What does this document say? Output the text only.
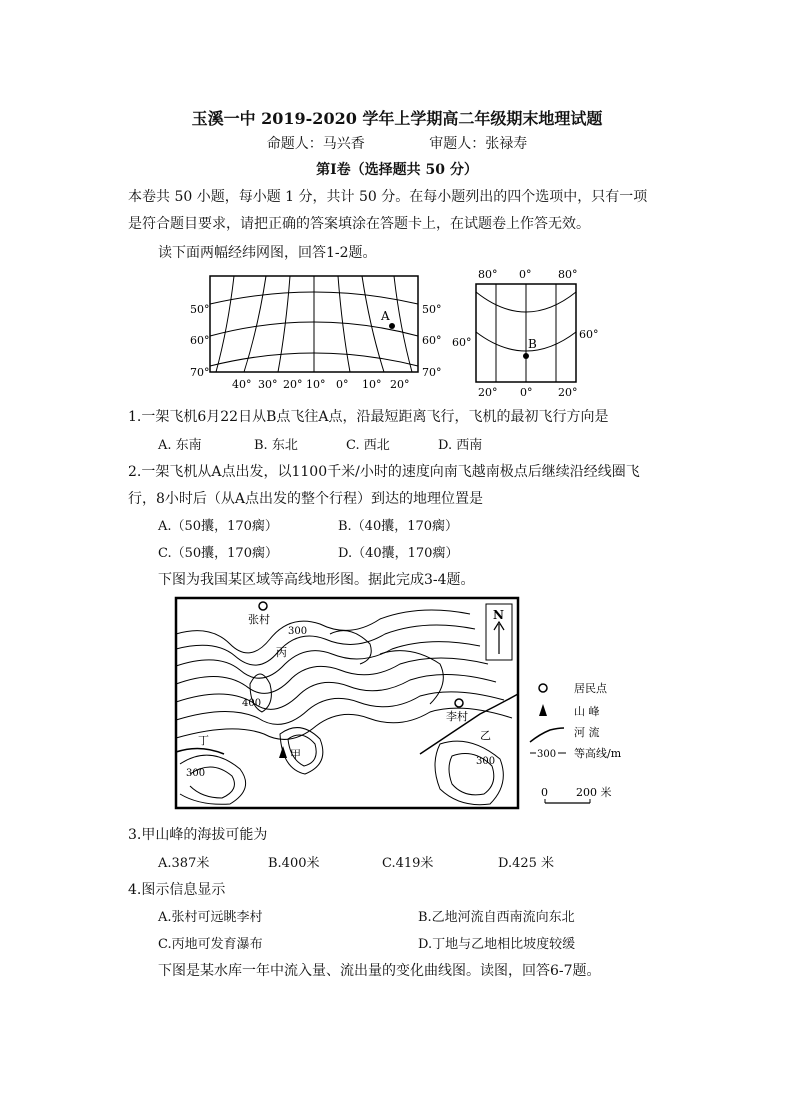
玉溪一中 2019-2020 学年上学期高二年级期末地理试题
命题人：马兴香	审题人：张禄寿
第Ⅰ卷（选择题共 50 分）
本卷共 50 小题，每小题 1 分，共计 50 分。在每小题列出的四个选项中，只有一项
是符合题目要求，请把正确的答案填涂在答题卡上，在试题卷上作答无效。
读下面两幅经纬网图，回答1-2题。
A
50°
60°
70°
50°
60°
70°
40° 30° 20° 10° 0° 10° 20°
B
80° 0° 80°
60°
60°
20° 0° 20°
1.一架飞机6月22日从B点飞往A点，沿最短距离飞行，飞机的最初飞行方向是
A. 东南	B. 东北	C. 西北	D. 西南
2.一架飞机从A点出发，以1100千米/小时的速度向南飞越南极点后继续沿经线圈飞
行，8小时后（从A点出发的整个行程）到达的地理位置是
A.（50攮，170瘸）	B.（40攮，170瘸）
C.（50攮，170瘸）	D.（40攮，170瘸）
下图为我国某区域等高线地形图。据此完成3-4题。
张村
李村
丙
甲
乙
丁
300
400
300
300
N
居民点
山 峰
河 流
300 等高线/m
0	200 米
3.甲山峰的海拔可能为
A.387米	B.400米	C.419米	D.425 米
4.图示信息显示
A.张村可远眺李村	B.乙地河流自西南流向东北
C.丙地可发育瀑布	D.丁地与乙地相比坡度较缓
下图是某水库一年中流入量、流出量的变化曲线图。读图，回答6-7题。
